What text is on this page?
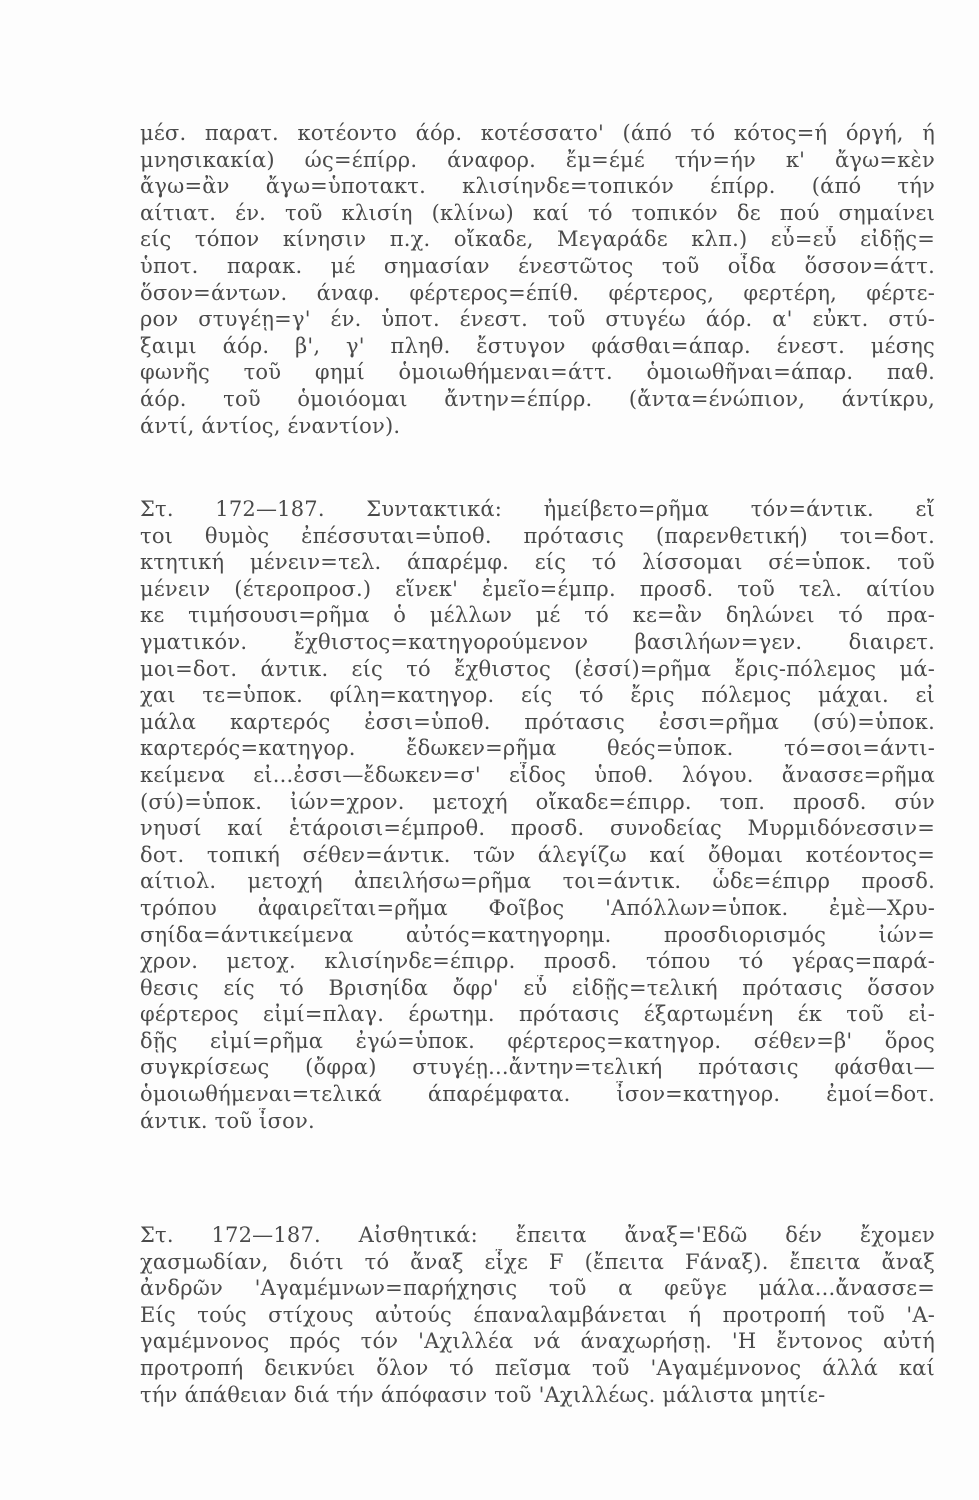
μέσ. παρατ. κοτέοντο άόρ. κοτέσσατο' (άπό τό κότος=ή όργή, ή
μνησικακία) ώς=έπίρρ. άναφορ. ἔμ=έμέ τήν=ήν κ' ἄγω=κὲν
ἄγω=ἂν ἄγω=ὑποτακτ. κλισίηνδε=τοπικόν έπίρρ. (άπό τήν
αίτιατ. έν. τοῦ κλισίη (κλίνω) καί τό τοπικόν δε πού σημαίνει
είς τόπον κίνησιν π.χ. οἴκαδε, Μεγαράδε κλπ.) εὖ=εὖ εἰδῇς=
ὑποτ. παρακ. μέ σημασίαν ένεστῶτος τοῦ οἶδα ὅσσον=άττ.
ὅσον=άντων. άναφ. φέρτερος=έπίθ. φέρτερος, φερτέρη, φέρτε-
ρον στυγέῃ=γ' έν. ὑποτ. ένεστ. τοῦ στυγέω άόρ. α' εὐκτ. στύ-
ξαιμι άόρ. β', γ' πληθ. ἔστυγον φάσθαι=άπαρ. ένεστ. μέσης
φωνῆς τοῦ φημί ὁμοιωθήμεναι=άττ. ὁμοιωθῆναι=άπαρ. παθ.
άόρ. τοῦ ὁμοιόομαι ἄντην=έπίρρ. (ἄντα=ένώπιον, άντίκρυ,
άντί, άντίος, έναντίον).
Στ. 172—187. Συντακτικά: ἠμείβετο=ρῆμα τόν=άντικ. εἴ
τοι θυμὸς ἐπέσσυται=ὑποθ. πρότασις (παρενθετική) τοι=δοτ.
κτητική μένειν=τελ. άπαρέμφ. είς τό λίσσομαι σέ=ὑποκ. τοῦ
μένειν (έτεροπροσ.) εἵνεκ' ἐμεῖο=έμπρ. προσδ. τοῦ τελ. αίτίου
κε τιμήσουσι=ρῆμα ὁ μέλλων μέ τό κε=ἂν δηλώνει τό πρα-
γματικόν. ἔχθιστος=κατηγορούμενον βασιλήων=γεν. διαιρετ.
μοι=δοτ. άντικ. είς τό ἔχθιστος (ἐσσί)=ρῆμα ἔρις-πόλεμος μά-
χαι τε=ὑποκ. φίλη=κατηγορ. είς τό ἔρις πόλεμος μάχαι. εἰ
μάλα καρτερός ἐσσι=ὑποθ. πρότασις ἐσσι=ρῆμα (σύ)=ὑποκ.
καρτερός=κατηγορ. ἔδωκεν=ρῆμα θεός=ὑποκ. τό=σοι=άντι-
κείμενα εἰ...ἐσσι—ἔδωκεν=σ' εἶδος ὑποθ. λόγου. ἄνασσε=ρῆμα
(σύ)=ὑποκ. ἰών=χρον. μετοχή οἴκαδε=έπιρρ. τοπ. προσδ. σύν
νηυσί καί ἑτάροισι=έμπροθ. προσδ. συνοδείας Μυρμιδόνεσσιν=
δοτ. τοπική σέθεν=άντικ. τῶν άλεγίζω καί ὄθομαι κοτέοντος=
αίτιολ. μετοχή ἀπειλήσω=ρῆμα τοι=άντικ. ὧδε=έπιρρ προσδ.
τρόπου ἀφαιρεῖται=ρῆμα Φοῖβος 'Απόλλων=ὑποκ. ἐμὲ—Χρυ-
σηίδα=άντικείμενα αὐτός=κατηγορημ. προσδιορισμός ἰών=
χρον. μετοχ. κλισίηνδε=έπιρρ. προσδ. τόπου τό γέρας=παρά-
θεσις είς τό Βρισηίδα ὄφρ' εὖ εἰδῇς=τελική πρότασις ὅσσον
φέρτερος εἰμί=πλαγ. έρωτημ. πρότασις έξαρτωμένη έκ τοῦ εἰ-
δῇς εἰμί=ρῆμα ἐγώ=ὑποκ. φέρτερος=κατηγορ. σέθεν=β' ὅρος
συγκρίσεως (ὄφρα) στυγέῃ...ἄντην=τελική πρότασις φάσθαι—
ὁμοιωθήμεναι=τελικά άπαρέμφατα. ἶσον=κατηγορ. ἐμοί=δοτ.
άντικ. τοῦ ἶσον.
Στ. 172—187. Αἰσθητικά: ἔπειτα ἄναξ='Εδῶ δέν ἔχομεν
χασμωδίαν, διότι τό ἄναξ εἶχε F (ἔπειτα Fάναξ). ἔπειτα ἄναξ
ἀνδρῶν 'Αγαμέμνων=παρήχησις τοῦ α φεῦγε μάλα...ἄνασσε=
Είς τούς στίχους αὐτούς έπαναλαμβάνεται ή προτροπή τοῦ 'Α-
γαμέμνονος πρός τόν 'Αχιλλέα νά άναχωρήσῃ. 'Η ἔντονος αὐτή
προτροπή δεικνύει ὅλον τό πεῖσμα τοῦ 'Αγαμέμνονος άλλά καί
τήν άπάθειαν διά τήν άπόφασιν τοῦ 'Αχιλλέως. μάλιστα μητίε-
